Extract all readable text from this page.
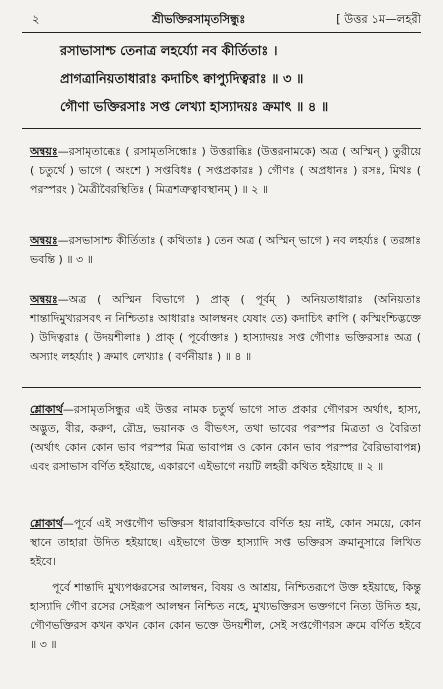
২	শ্রীভক্তিরসামৃতসিন্ধুঃ	[ উত্তর ১ম—লহরী
রসাভাসাশ্চ তেনাত্র লহর্য্যো নব কীর্তিতাঃ ।
প্রাগত্রানিয়তাধারাঃ কদাচিৎ ক্বাপ্যুদিত্বরাঃ ॥ ৩ ॥
গৌণা ভক্তিরসাঃ সপ্ত লেখ্যা হাস্যাদয়ঃ ক্রমাৎ ॥ ৪ ॥

অন্বয়ঃ—রসামৃতাব্ধেঃ ( রসামৃতসিন্ধোঃ ) উত্তরাব্ধিঃ (উত্তরনামকে) অত্র ( অস্মিন্ ) তুরীয়ে ( চতুর্থে ) ভাগে ( অংশে ) সপ্তবিধঃ ( সপ্তপ্রকারঃ ) গৌণঃ ( অপ্রধানঃ ) রসঃ, মিথঃ ( পরস্পরং ) মৈত্রীবৈরস্থিতিঃ ( মিত্রশত্রুত্বাবস্থানম্ ) ॥ ২ ॥

অন্বয়ঃ—রসভাসাশ্চ কীর্তিতাঃ ( কথিতাঃ ) তেন অত্র ( অস্মিন্ ভাগে ) নব লহর্য্যঃ ( তরঙ্গাঃ ভবন্তি ) ॥ ৩ ॥

অন্বয়ঃ—অত্র ( অস্মিন বিভাগে ) প্রাক্ ( পূর্বম্ ) অনিয়তাধারাঃ (অনিয়তাঃ শান্তাদিমুখ্যরসবৎ ন নিশ্চিতাঃ আধারাঃ আলম্বনং যেষাং তে) কদাচিৎ ক্বাপি ( কস্মিংশ্চিদ্ভক্তে ) উদিত্বরাঃ ( উদয়শীলাঃ ) প্রাক্ ( পূর্বোক্তাঃ ) হাস্যাদয়ঃ সপ্ত গৌণাঃ ভক্তিরসাঃ অত্র ( অস্যাং লহর্য্যাং ) ক্রমাৎ লেখ্যাঃ ( বর্ণনীয়াঃ ) ॥ ৪ ॥

শ্লোকার্থ—রসামৃতসিন্ধুর এই উত্তর নামক চতুর্থ ভাগে সাত প্রকার গৌণরস অর্থাৎ, হাস্য, অদ্ভুত, বীর, করুণ, রৌদ্র, ভয়ানক ও বীভৎস, তথা ভাবের পরস্পর মিত্রতা ও বৈরিতা (অর্থাৎ কোন কোন ভাব পরস্পর মিত্র ভাবাপন্ন ও কোন কোন ভাব পরস্পর বৈরিভাবাপন্ন) এবং রসাভাস বর্ণিত হইয়াছে, একারণে এইভাগে নয়টি লহরী কথিত হইয়াছে ॥ ২ ॥

শ্লোকার্থ—পূর্বে এই সপ্তগৌণ ভক্তিরস ধারাবাহিকভাবে বর্ণিত হয় নাই, কোন সময়ে, কোন স্থানে তাহারা উদিত হইয়াছে। এইভাগে উক্ত হাস্যাদি সপ্ত ভক্তিরস ক্রমানুসারে লিখিত হইবে।

পূর্বে শান্তাদি মুখ্যপঞ্চরসের আলম্বন, বিষয় ও আশ্রয়, নিশ্চিতরূপে উক্ত হইয়াছে, কিন্তু হাস্যাদি গৌণ রসের সেইরূপ আলম্বন নিশ্চিত নহে, মুখ্যভক্তিরস ভক্তগণে নিত্য উদিত হয়, গৌণভক্তিরস কখন কখন কোন কোন ভক্তে উদয়শীল, সেই সপ্তগৌণরস ক্রমে বর্ণিত হইবে ॥ ৩ ॥
